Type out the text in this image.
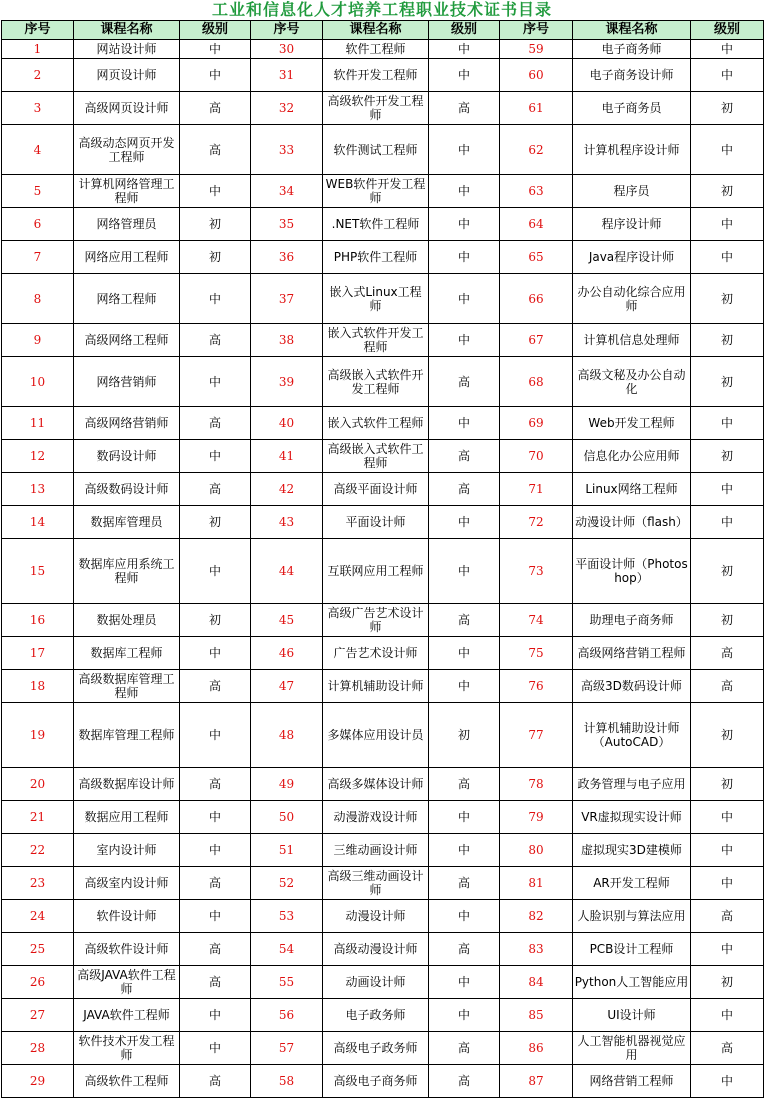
工业和信息化人才培养工程职业技术证书目录
序号	课程名称	级别	序号	课程名称	级别	序号	课程名称	级别
1	网站设计师	中	30	软件工程师	中	59	电子商务师	中
2	网页设计师	中	31	软件开发工程师	中	60	电子商务设计师	中
3	高级网页设计师	高	32	高级软件开发工程师	高	61	电子商务员	初
4	高级动态网页开发工程师	高	33	软件测试工程师	中	62	计算机程序设计师	中
5	计算机网络管理工程师	中	34	WEB软件开发工程师	中	63	程序员	初
6	网络管理员	初	35	.NET软件工程师	中	64	程序设计师	中
7	网络应用工程师	初	36	PHP软件工程师	中	65	Java程序设计师	中
8	网络工程师	中	37	嵌入式Linux工程师	中	66	办公自动化综合应用师	初
9	高级网络工程师	高	38	嵌入式软件开发工程师	中	67	计算机信息处理师	初
10	网络营销师	中	39	高级嵌入式软件开发工程师	高	68	高级文秘及办公自动化	初
11	高级网络营销师	高	40	嵌入式软件工程师	中	69	Web开发工程师	中
12	数码设计师	中	41	高级嵌入式软件工程师	高	70	信息化办公应用师	初
13	高级数码设计师	高	42	高级平面设计师	高	71	Linux网络工程师	中
14	数据库管理员	初	43	平面设计师	中	72	动漫设计师（flash）	中
15	数据库应用系统工程师	中	44	互联网应用工程师	中	73	平面设计师（Photoshop）	初
16	数据处理员	初	45	高级广告艺术设计师	高	74	助理电子商务师	初
17	数据库工程师	中	46	广告艺术设计师	中	75	高级网络营销工程师	高
18	高级数据库管理工程师	高	47	计算机辅助设计师	中	76	高级3D数码设计师	高
19	数据库管理工程师	中	48	多媒体应用设计员	初	77	计算机辅助设计师（AutoCAD）	初
20	高级数据库设计师	高	49	高级多媒体设计师	高	78	政务管理与电子应用	初
21	数据应用工程师	中	50	动漫游戏设计师	中	79	VR虚拟现实设计师	中
22	室内设计师	中	51	三维动画设计师	中	80	虚拟现实3D建模师	中
23	高级室内设计师	高	52	高级三维动画设计师	高	81	AR开发工程师	中
24	软件设计师	中	53	动漫设计师	中	82	人脸识别与算法应用	高
25	高级软件设计师	高	54	高级动漫设计师	高	83	PCB设计工程师	中
26	高级JAVA软件工程师	高	55	动画设计师	中	84	Python人工智能应用	初
27	JAVA软件工程师	中	56	电子政务师	中	85	UI设计师	中
28	软件技术开发工程师	中	57	高级电子政务师	高	86	人工智能机器视觉应用	高
29	高级软件工程师	高	58	高级电子商务师	高	87	网络营销工程师	中
